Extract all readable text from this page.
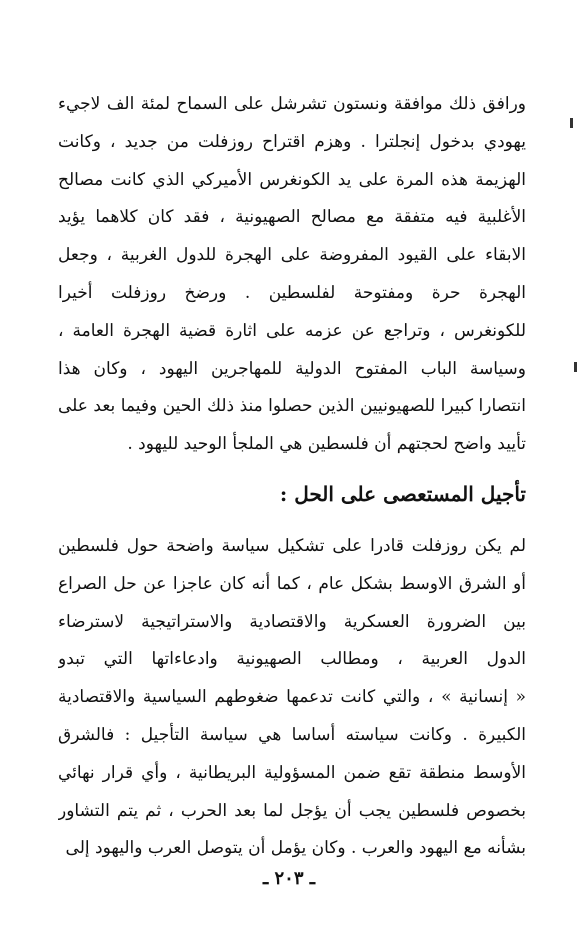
ورافق ذلك موافقة ونستون تشرشل على السماح لمئة الف لاجيء
يهودي بدخول إنجلترا . وهزم اقتراح روزفلت من جديد ، وكانت
الهزيمة هذه المرة على يد الكونغرس الأميركي الذي كانت مصالح
الأغلبية فيه متفقة مع مصالح الصهيونية ، فقد كان كلاهما يؤيد
الابقاء على القيود المفروضة على الهجرة للدول الغربية ، وجعل
الهجرة حرة ومفتوحة لفلسطين . ورضخ روزفلت أخيرا
للكونغرس ، وتراجع عن عزمه على اثارة قضية الهجرة العامة ،
وسياسة الباب المفتوح الدولية للمهاجرين اليهود ، وكان هذا
انتصارا كبيرا للصهيونيين الذين حصلوا منذ ذلك الحين وفيما بعد على
تأييد واضح لحجتهم أن فلسطين هي الملجأ الوحيد لليهود .
تأجيل المستعصى على الحل :
لم يكن روزفلت قادرا على تشكيل سياسة واضحة حول فلسطين
أو الشرق الاوسط بشكل عام ، كما أنه كان عاجزا عن حل الصراع
بين الضرورة العسكرية والاقتصادية والاستراتيجية لاسترضاء
الدول العربية ، ومطالب الصهيونية وادعاءاتها التي تبدو
« إنسانية » ، والتي كانت تدعمها ضغوطهم السياسية والاقتصادية
الكبيرة . وكانت سياسته أساسا هي سياسة التأجيل : فالشرق
الأوسط منطقة تقع ضمن المسؤولية البريطانية ، وأي قرار نهائي
بخصوص فلسطين يجب أن يؤجل لما بعد الحرب ، ثم يتم التشاور
بشأنه مع اليهود والعرب . وكان يؤمل أن يتوصل العرب واليهود إلى
ـ ٢٠٣ ـ
